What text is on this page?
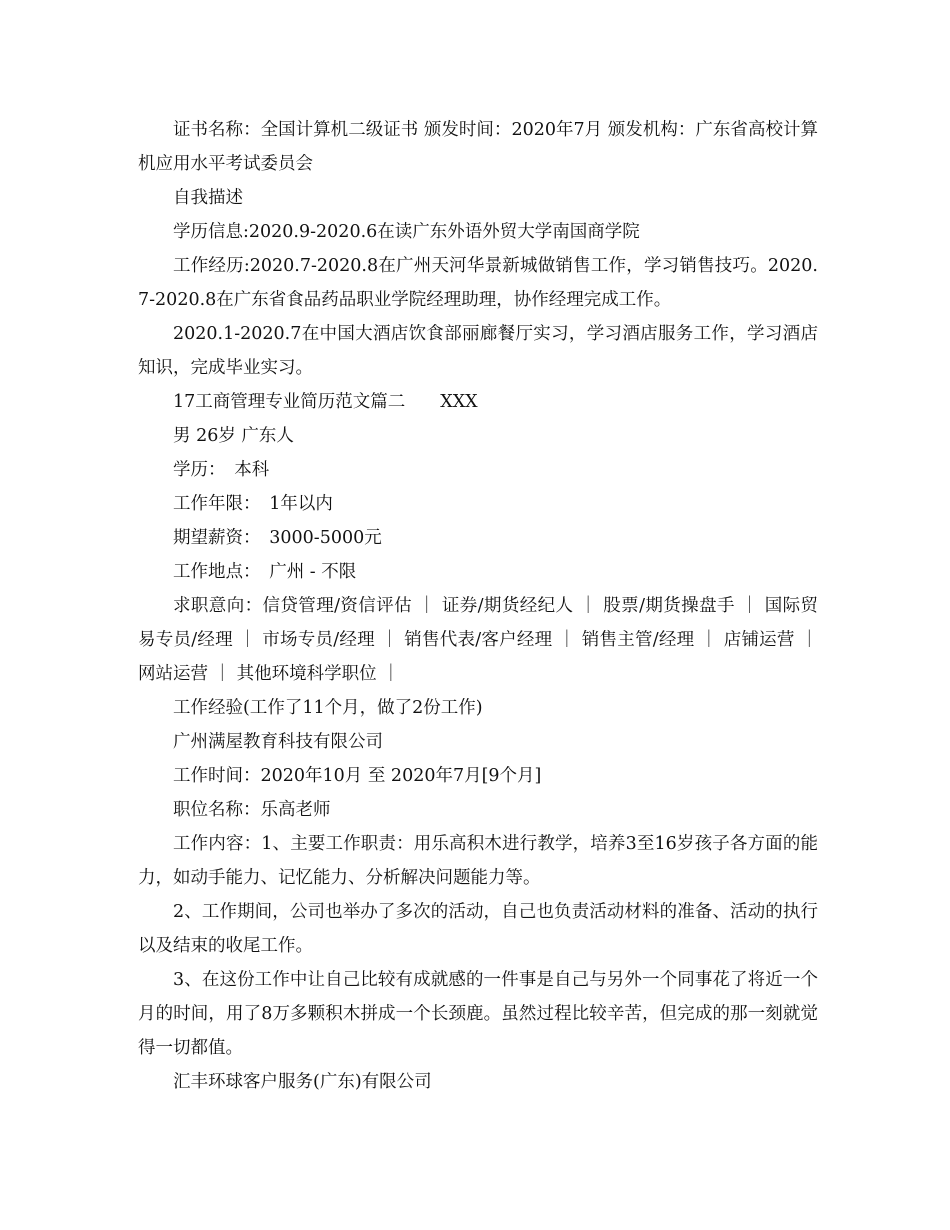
证书名称：全国计算机二级证书 颁发时间：2020年7月 颁发机构：广东省高校计算机应用水平考试委员会

自我描述

学历信息:2020.9-2020.6在读广东外语外贸大学南国商学院

工作经历:2020.7-2020.8在广州天河华景新城做销售工作，学习销售技巧。2020.7-2020.8在广东省食品药品职业学院经理助理，协作经理完成工作。

2020.1-2020.7在中国大酒店饮食部丽廊餐厅实习，学习酒店服务工作，学习酒店知识，完成毕业实习。

17工商管理专业简历范文篇二　　XXX

男 26岁 广东人

学历：　本科

工作年限：　1年以内

期望薪资：　3000-5000元

工作地点：　广州 - 不限

求职意向：信贷管理/资信评估 ｜ 证券/期货经纪人 ｜ 股票/期货操盘手 ｜ 国际贸易专员/经理 ｜ 市场专员/经理 ｜ 销售代表/客户经理 ｜ 销售主管/经理 ｜ 店铺运营 ｜ 网站运营 ｜ 其他环境科学职位 ｜

工作经验(工作了11个月，做了2份工作)

广州满屋教育科技有限公司

工作时间：2020年10月 至 2020年7月[9个月]

职位名称：乐高老师

工作内容：1、主要工作职责：用乐高积木进行教学，培养3至16岁孩子各方面的能力，如动手能力、记忆能力、分析解决问题能力等。

2、工作期间，公司也举办了多次的活动，自己也负责活动材料的准备、活动的执行以及结束的收尾工作。

3、在这份工作中让自己比较有成就感的一件事是自己与另外一个同事花了将近一个月的时间，用了8万多颗积木拼成一个长颈鹿。虽然过程比较辛苦，但完成的那一刻就觉得一切都值。

汇丰环球客户服务(广东)有限公司
